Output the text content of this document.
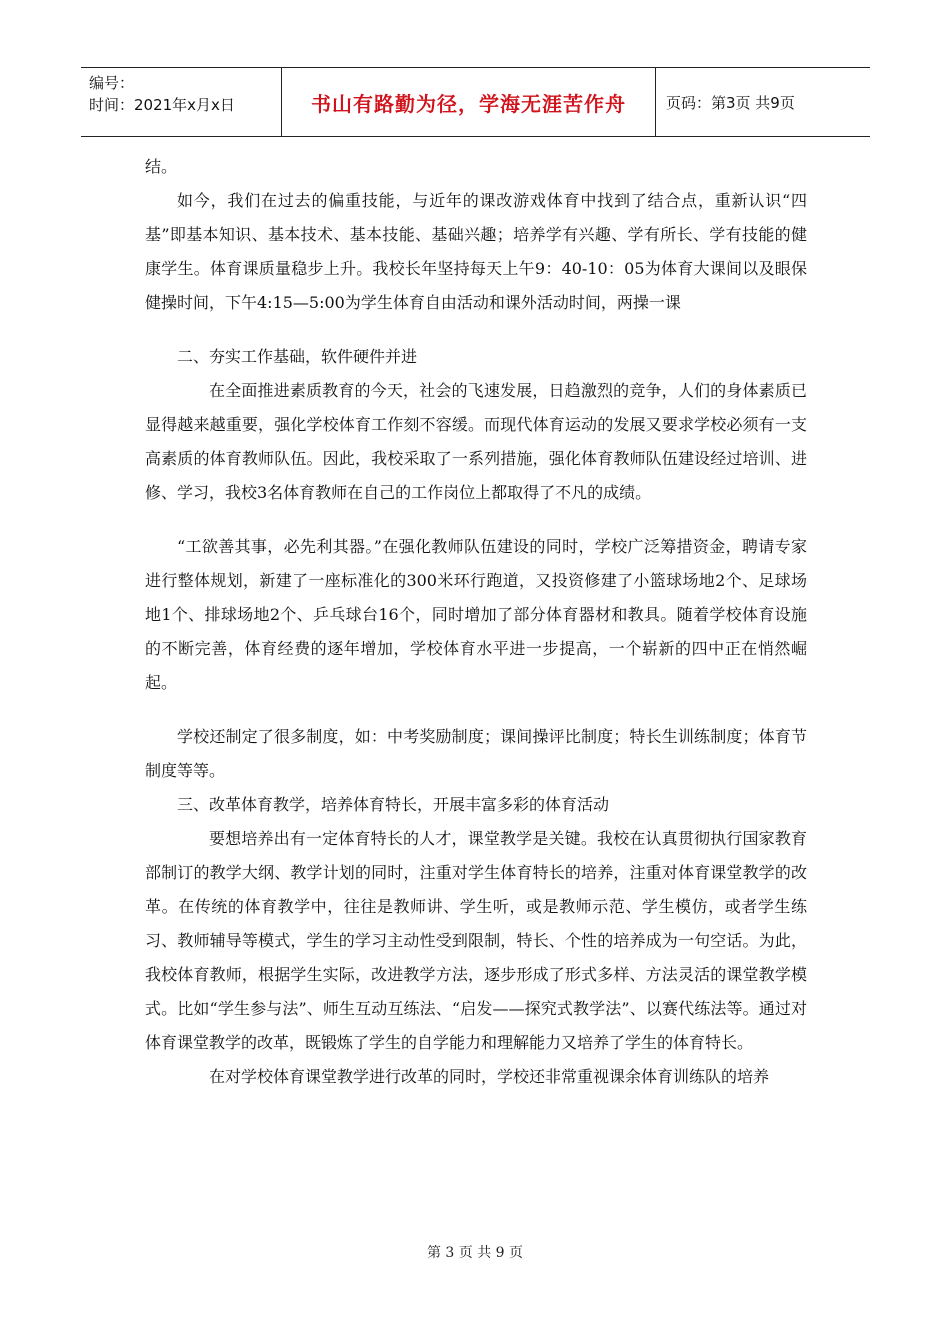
编号：
时间：2021年x月x日	书山有路勤为径，学海无涯苦作舟	页码：第3页 共9页

结。

如今，我们在过去的偏重技能，与近年的课改游戏体育中找到了结合点，重新认识“四基”即基本知识、基本技术、基本技能、基础兴趣；培养学有兴趣、学有所长、学有技能的健康学生。体育课质量稳步上升。我校长年坚持每天上午9：40-10：05为体育大课间以及眼保健操时间，下午4:15—5:00为学生体育自由活动和课外活动时间，两操一课

二、夯实工作基础，软件硬件并进

在全面推进素质教育的今天，社会的飞速发展，日趋激烈的竞争，人们的身体素质已显得越来越重要，强化学校体育工作刻不容缓。而现代体育运动的发展又要求学校必须有一支高素质的体育教师队伍。因此，我校采取了一系列措施，强化体育教师队伍建设经过培训、进修、学习，我校3名体育教师在自己的工作岗位上都取得了不凡的成绩。

“工欲善其事，必先利其器。”在强化教师队伍建设的同时，学校广泛筹措资金，聘请专家进行整体规划，新建了一座标准化的300米环行跑道，又投资修建了小篮球场地2个、足球场地1个、排球场地2个、乒乓球台16个，同时增加了部分体育器材和教具。随着学校体育设施的不断完善，体育经费的逐年增加，学校体育水平进一步提高，一个崭新的四中正在悄然崛起。

学校还制定了很多制度，如：中考奖励制度；课间操评比制度；特长生训练制度；体育节制度等等。

三、改革体育教学，培养体育特长，开展丰富多彩的体育活动

要想培养出有一定体育特长的人才，课堂教学是关键。我校在认真贯彻执行国家教育部制订的教学大纲、教学计划的同时，注重对学生体育特长的培养，注重对体育课堂教学的改革。在传统的体育教学中，往往是教师讲、学生听，或是教师示范、学生模仿，或者学生练习、教师辅导等模式，学生的学习主动性受到限制，特长、个性的培养成为一句空话。为此，我校体育教师，根据学生实际，改进教学方法，逐步形成了形式多样、方法灵活的课堂教学模式。比如“学生参与法”、师生互动互练法、“启发——探究式教学法”、以赛代练法等。通过对体育课堂教学的改革，既锻炼了学生的自学能力和理解能力又培养了学生的体育特长。

在对学校体育课堂教学进行改革的同时，学校还非常重视课余体育训练队的培养

第 3 页 共 9 页
